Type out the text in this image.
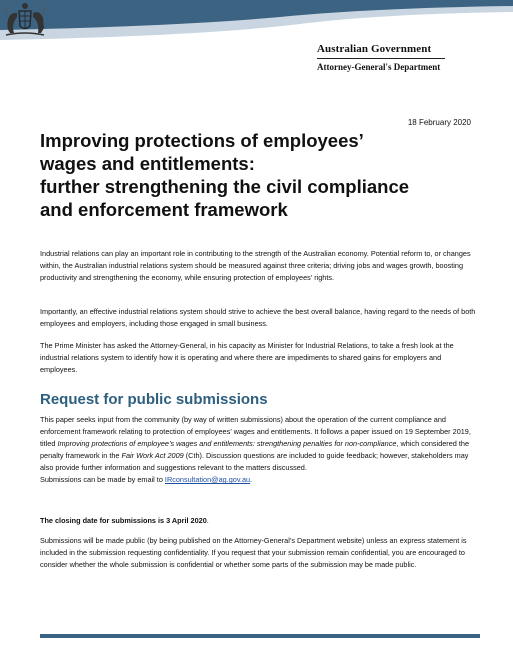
Australian Government
Attorney-General's Department
18 February 2020
Improving protections of employees’
wages and entitlements:
further strengthening the civil compliance
and enforcement framework

Industrial relations can play an important role in contributing to the strength of the Australian economy. Potential reform to, or changes within, the Australian industrial relations system should be measured against three criteria; driving jobs and wages growth, boosting productivity and strengthening the economy, while ensuring protection of employees’ rights.

Importantly, an effective industrial relations system should strive to achieve the best overall balance, having regard to the needs of both employees and employers, including those engaged in small business.

The Prime Minister has asked the Attorney-General, in his capacity as Minister for Industrial Relations, to take a fresh look at the industrial relations system to identify how it is operating and where there are impediments to shared gains for employers and employees.

Request for public submissions

This paper seeks input from the community (by way of written submissions) about the operation of the current compliance and enforcement framework relating to protection of employees’ wages and entitlements. It follows a paper issued on 19 September 2019, titled Improving protections of employee’s wages and entitlements: strengthening penalties for non-compliance, which considered the penalty framework in the Fair Work Act 2009 (Cth). Discussion questions are included to guide feedback; however, stakeholders may also provide further information and suggestions relevant to the matters discussed.

Submissions can be made by email to IRconsultation@ag.gov.au.

The closing date for submissions is 3 April 2020.

Submissions will be made public (by being published on the Attorney-General’s Department website) unless an express statement is included in the submission requesting confidentiality. If you request that your submission remain confidential, you are encouraged to consider whether the whole submission is confidential or whether some parts of the submission may be made public.
